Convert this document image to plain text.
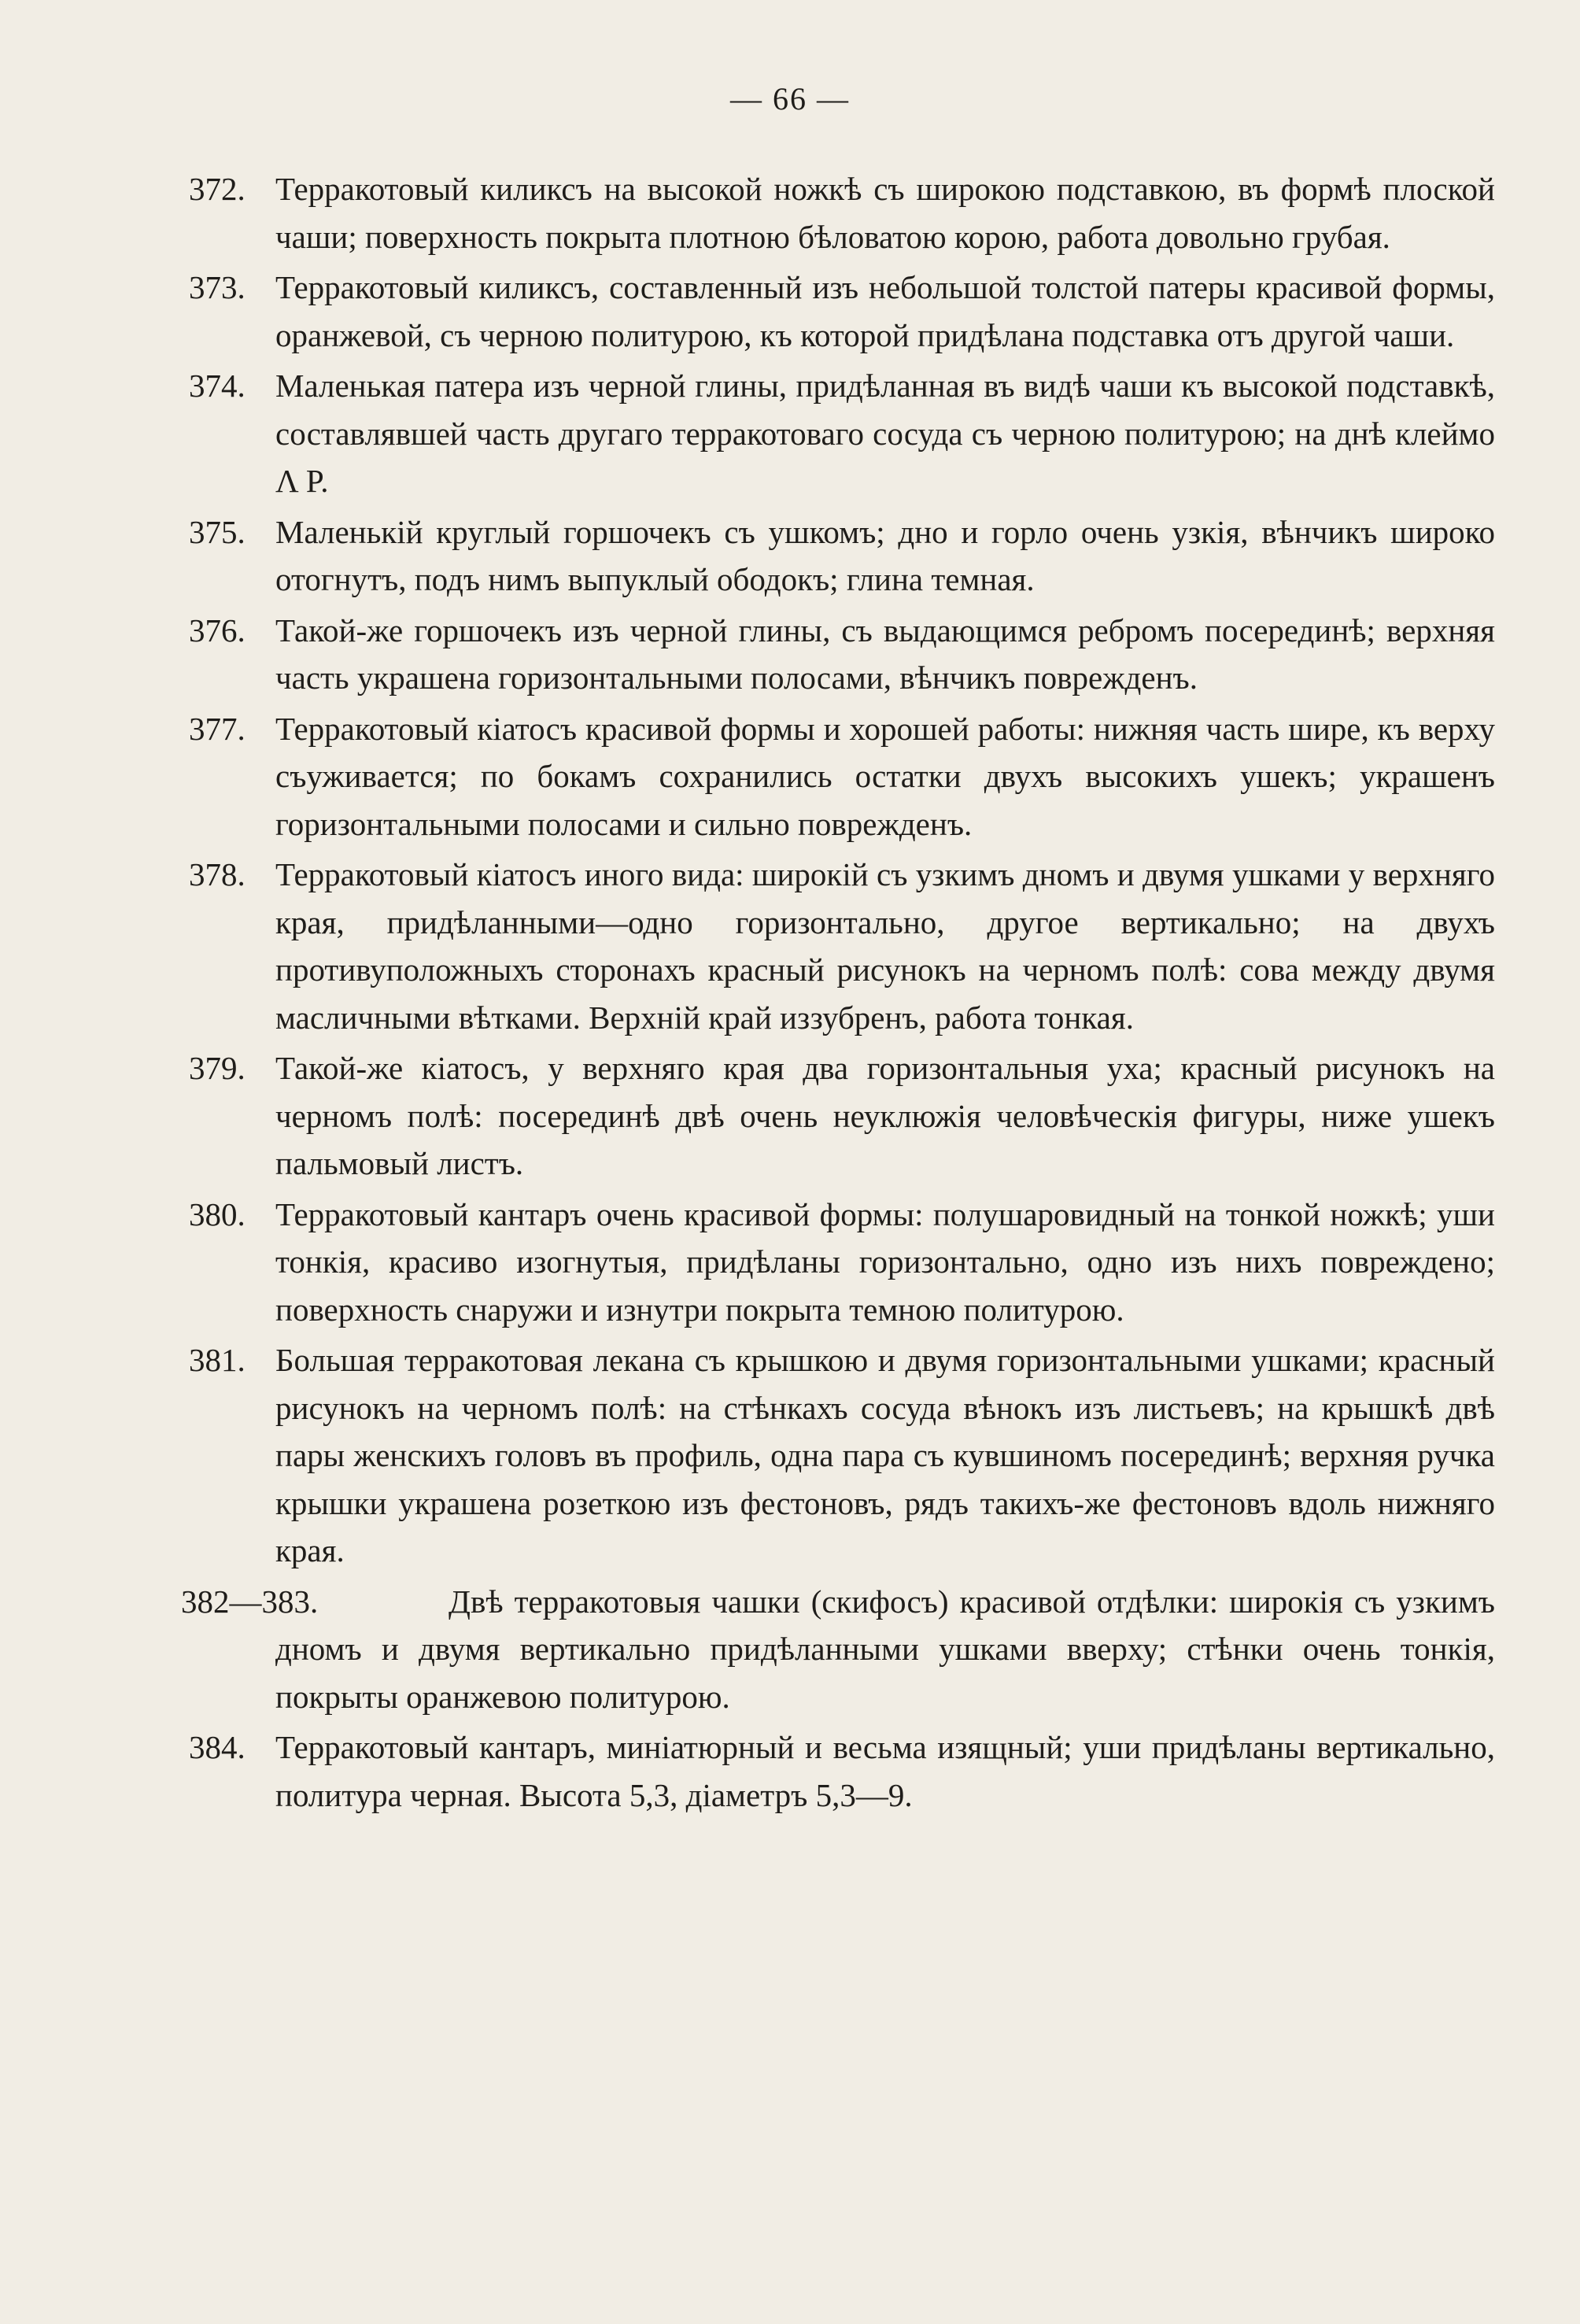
— 66 —
372. Терракотовый киликсъ на высокой ножкѣ съ широкою подставкою, въ формѣ плоской чаши; поверхность покрыта плотною бѣловатою корою, работа довольно грубая.
373. Терракотовый киликсъ, составленный изъ небольшой толстой патеры красивой формы, оранжевой, съ черною политурою, къ которой придѣлана подставка отъ другой чаши.
374. Маленькая патера изъ черной глины, придѣланная въ видѣ чаши къ высокой подставкѣ, составлявшей часть другаго терракотоваго сосуда съ черною политурою; на днѣ клеймо Λ Ρ.
375. Маленькій круглый горшочекъ съ ушкомъ; дно и горло очень узкія, вѣнчикъ широко отогнутъ, подъ нимъ выпуклый ободокъ; глина темная.
376. Такой-же горшочекъ изъ черной глины, съ выдающимся ребромъ посерединѣ; верхняя часть украшена горизонтальными полосами, вѣнчикъ поврежденъ.
377. Терракотовый кіатосъ красивой формы и хорошей работы: нижняя часть шире, къ верху съуживается; по бокамъ сохранились остатки двухъ высокихъ ушекъ; украшенъ горизонтальными полосами и сильно поврежденъ.
378. Терракотовый кіатосъ иного вида: широкій съ узкимъ дномъ и двумя ушками у верхняго края, придѣланными—одно горизонтально, другое вертикально; на двухъ противуположныхъ сторонахъ красный рисунокъ на черномъ полѣ: сова между двумя масличными вѣтками. Верхній край иззубренъ, работа тонкая.
379. Такой-же кіатосъ, у верхняго края два горизонтальныя уха; красный рисунокъ на черномъ полѣ: посерединѣ двѣ очень неуклюжія человѣческія фигуры, ниже ушекъ пальмовый листъ.
380. Терракотовый кантаръ очень красивой формы: полушаровидный на тонкой ножкѣ; уши тонкія, красиво изогнутыя, придѣланы горизонтально, одно изъ нихъ повреждено; поверхность снаружи и изнутри покрыта темною политурою.
381. Большая терракотовая лекана съ крышкою и двумя горизонтальными ушками; красный рисунокъ на черномъ полѣ: на стѣнкахъ сосуда вѣнокъ изъ листьевъ; на крышкѣ двѣ пары женскихъ головъ въ профиль, одна пара съ кувшиномъ посерединѣ; верхняя ручка крышки украшена розеткою изъ фестоновъ, рядъ такихъ-же фестоновъ вдоль нижняго края.
382—383.	Двѣ терракотовыя чашки (скифосъ) красивой отдѣлки: широкія съ узкимъ дномъ и двумя вертикально придѣланными ушками вверху; стѣнки очень тонкія, покрыты оранжевою политурою.
384. Терракотовый кантаръ, миніатюрный и весьма изящный; уши придѣланы вертикально, политура черная. Высота 5,3, діаметръ 5,3—9.
